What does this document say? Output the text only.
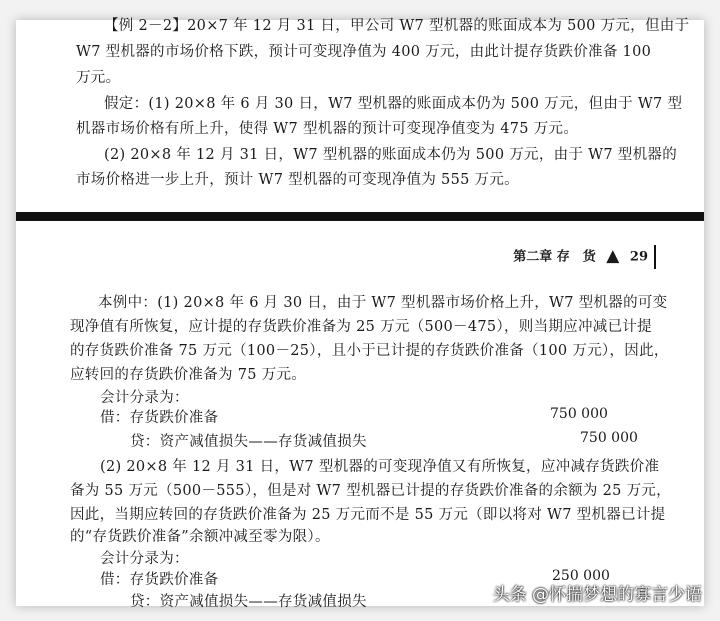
【例 2－2】20×7 年 12 月 31 日，甲公司 W7 型机器的账面成本为 500 万元，但由于
W7 型机器的市场价格下跌，预计可变现净值为 400 万元，由此计提存货跌价准备 100
万元。
假定：(1) 20×8 年 6 月 30 日，W7 型机器的账面成本仍为 500 万元，但由于 W7 型
机器市场价格有所上升，使得 W7 型机器的预计可变现净值变为 475 万元。
(2) 20×8 年 12 月 31 日，W7 型机器的账面成本仍为 500 万元，由于 W7 型机器的
市场价格进一步上升，预计 W7 型机器的可变现净值为 555 万元。
第二章 存　货 ▲ 29
本例中：(1) 20×8 年 6 月 30 日，由于 W7 型机器市场价格上升，W7 型机器的可变
现净值有所恢复，应计提的存货跌价准备为 25 万元（500－475），则当期应冲减已计提
的存货跌价准备 75 万元（100－25），且小于已计提的存货跌价准备（100 万元），因此，
应转回的存货跌价准备为 75 万元。
会计分录为：
借：存货跌价准备	750 000
贷：资产减值损失——存货减值损失	750 000
(2) 20×8 年 12 月 31 日，W7 型机器的可变现净值又有所恢复，应冲减存货跌价准
备为 55 万元（500－555），但是对 W7 型机器已计提的存货跌价准备的余额为 25 万元，
因此，当期应转回的存货跌价准备为 25 万元而不是 55 万元（即以将对 W7 型机器已计提
的“存货跌价准备”余额冲减至零为限）。
会计分录为：
借：存货跌价准备	250 000
贷：资产减值损失——存货减值损失	头条 @怀揣梦想的寡言少语
